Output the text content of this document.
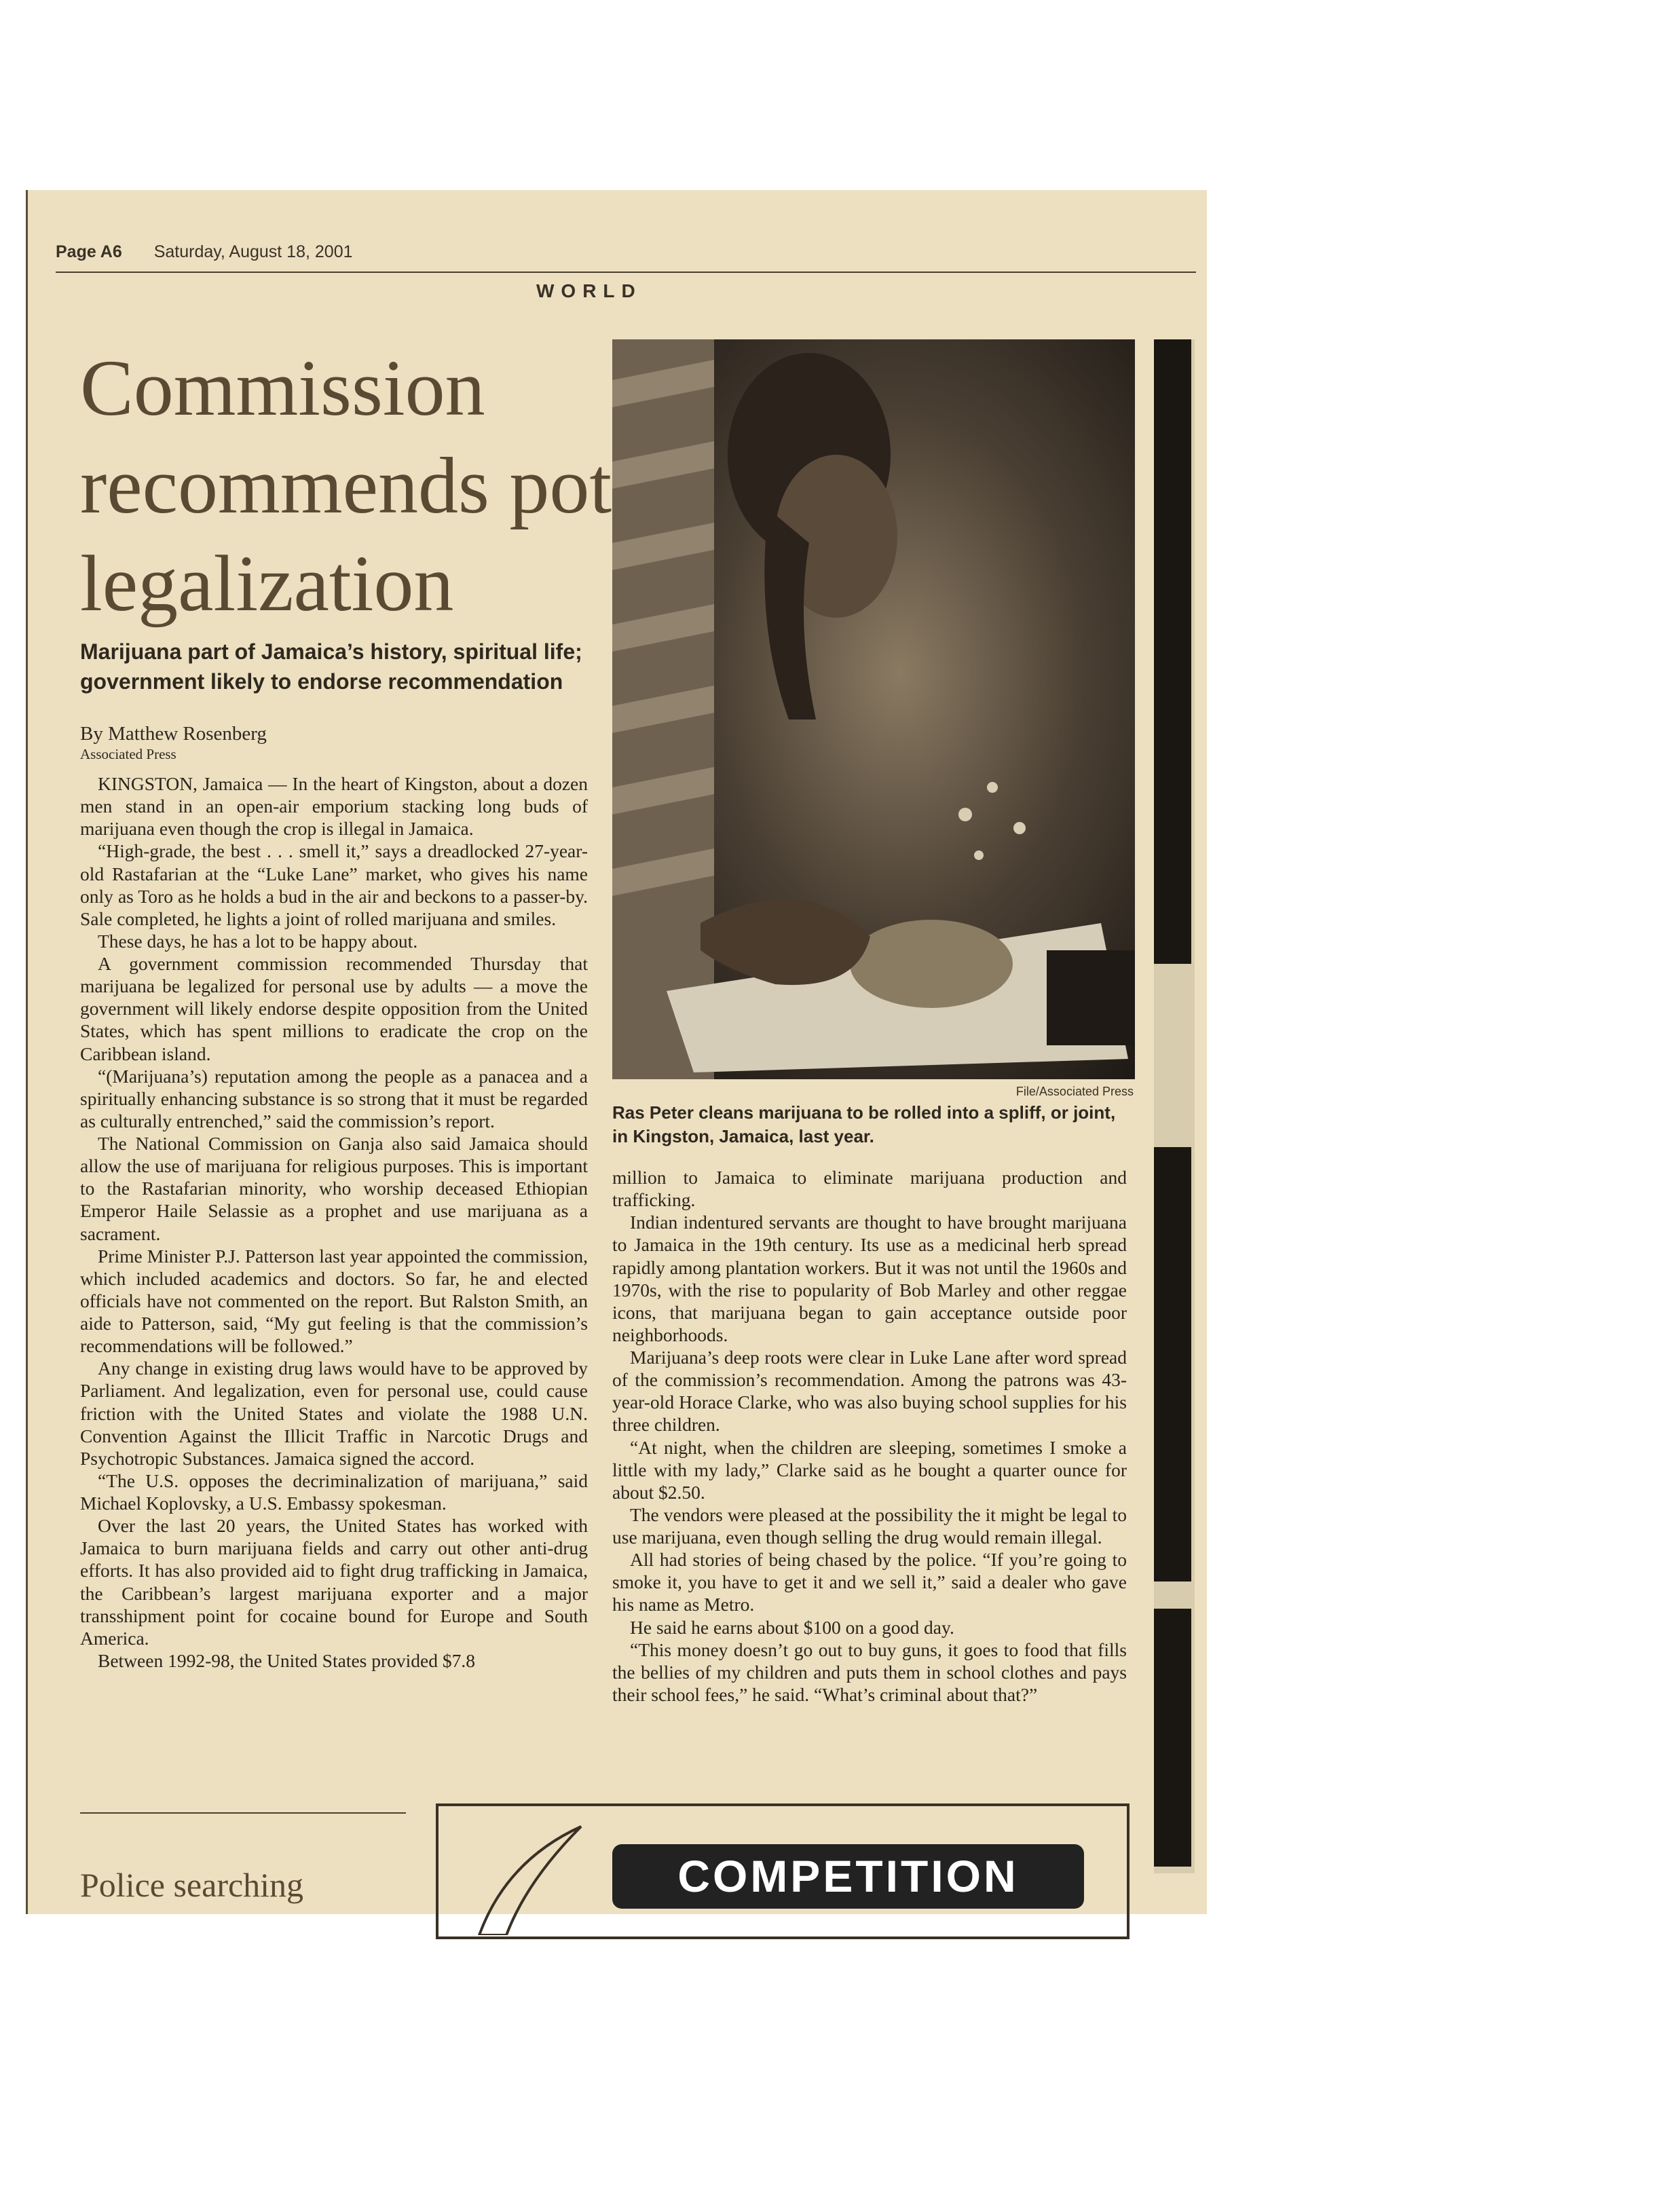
Page A6 Saturday, August 18, 2001
WORLD
Commission recommends pot legalization
Marijuana part of Jamaica’s history, spiritual life; government likely to endorse recommendation
By Matthew Rosenberg
Associated Press

KINGSTON, Jamaica — In the heart of Kingston, about a dozen men stand in an open-air emporium stacking long buds of marijuana even though the crop is illegal in Jamaica.

“High-grade, the best . . . smell it,” says a dreadlocked 27-year-old Rastafarian at the “Luke Lane” market, who gives his name only as Toro as he holds a bud in the air and beckons to a passer-by. Sale completed, he lights a joint of rolled marijuana and smiles.

These days, he has a lot to be happy about.

A government commission recommended Thursday that marijuana be legalized for personal use by adults — a move the government will likely endorse despite opposition from the United States, which has spent millions to eradicate the crop on the Caribbean island.

“(Marijuana’s) reputation among the people as a panacea and a spiritually enhancing substance is so strong that it must be regarded as culturally entrenched,” said the commission’s report.

The National Commission on Ganja also said Jamaica should allow the use of marijuana for religious purposes. This is important to the Rastafarian minority, who worship deceased Ethiopian Emperor Haile Selassie as a prophet and use marijuana as a sacrament.

Prime Minister P.J. Patterson last year appointed the commission, which included academics and doctors. So far, he and elected officials have not commented on the report. But Ralston Smith, an aide to Patterson, said, “My gut feeling is that the commission’s recommendations will be followed.”

Any change in existing drug laws would have to be approved by Parliament. And legalization, even for personal use, could cause friction with the United States and violate the 1988 U.N. Convention Against the Illicit Traffic in Narcotic Drugs and Psychotropic Substances. Jamaica signed the accord.

“The U.S. opposes the decriminalization of marijuana,” said Michael Koplovsky, a U.S. Embassy spokesman.

Over the last 20 years, the United States has worked with Jamaica to burn marijuana fields and carry out other anti-drug efforts. It has also provided aid to fight drug trafficking in Jamaica, the Caribbean’s largest marijuana exporter and a major transshipment point for cocaine bound for Europe and South America.

Between 1992-98, the United States provided $7.8

File/Associated Press
Ras Peter cleans marijuana to be rolled into a spliff, or joint, in Kingston, Jamaica, last year.

million to Jamaica to eliminate marijuana production and trafficking.

Indian indentured servants are thought to have brought marijuana to Jamaica in the 19th century. Its use as a medicinal herb spread rapidly among plantation workers. But it was not until the 1960s and 1970s, with the rise to popularity of Bob Marley and other reggae icons, that marijuana began to gain acceptance outside poor neighborhoods.

Marijuana’s deep roots were clear in Luke Lane after word spread of the commission’s recommendation. Among the patrons was 43-year-old Horace Clarke, who was also buying school supplies for his three children.

“At night, when the children are sleeping, sometimes I smoke a little with my lady,” Clarke said as he bought a quarter ounce for about $2.50.

The vendors were pleased at the possibility the it might be legal to use marijuana, even though selling the drug would remain illegal.

All had stories of being chased by the police. “If you’re going to smoke it, you have to get it and we sell it,” said a dealer who gave his name as Metro.

He said he earns about $100 on a good day.

“This money doesn’t go out to buy guns, it goes to food that fills the bellies of my children and puts them in school clothes and pays their school fees,” he said. “What’s criminal about that?”

Police searching	COMPETITION
